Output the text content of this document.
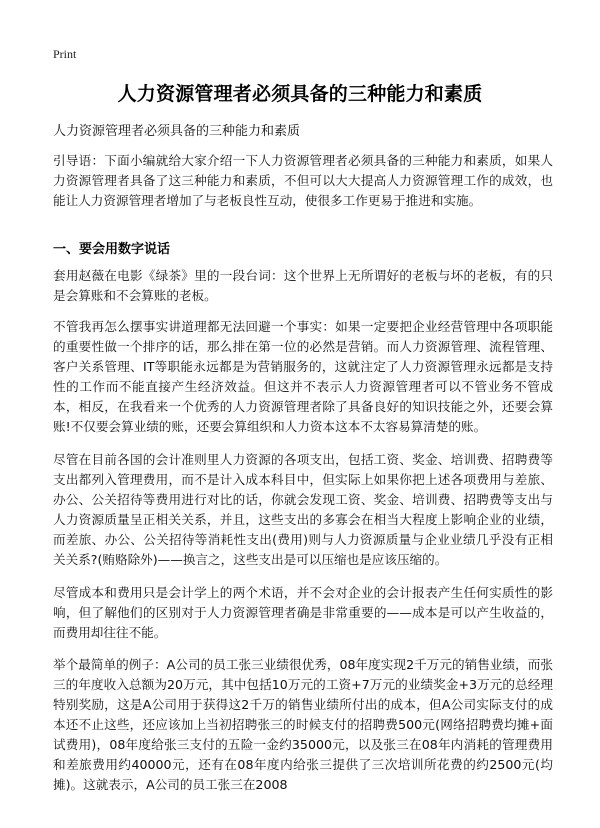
Print
人力资源管理者必须具备的三种能力和素质
人力资源管理者必须具备的三种能力和素质

引导语：下面小编就给大家介绍一下人力资源管理者必须具备的三种能力和素质，如果人力资源管理者具备了这三种能力和素质，不但可以大大提高人力资源管理工作的成效，也能让人力资源管理者增加了与老板良性互动，使很多工作更易于推进和实施。

一、要会用数字说话

套用赵薇在电影《绿茶》里的一段台词：这个世界上无所谓好的老板与坏的老板，有的只是会算账和不会算账的老板。

不管我再怎么摆事实讲道理都无法回避一个事实：如果一定要把企业经营管理中各项职能的重要性做一个排序的话，那么排在第一位的必然是营销。而人力资源管理、流程管理、客户关系管理、IT等职能永远都是为营销服务的，这就注定了人力资源管理永远都是支持性的工作而不能直接产生经济效益。但这并不表示人力资源管理者可以不管业务不管成本，相反，在我看来一个优秀的人力资源管理者除了具备良好的知识技能之外，还要会算账!不仅要会算业绩的账，还要会算组织和人力资本这本不太容易算清楚的账。

尽管在目前各国的会计准则里人力资源的各项支出，包括工资、奖金、培训费、招聘费等支出都列入管理费用，而不是计入成本科目中，但实际上如果你把上述各项费用与差旅、办公、公关招待等费用进行对比的话，你就会发现工资、奖金、培训费、招聘费等支出与人力资源质量呈正相关关系，并且，这些支出的多寡会在相当大程度上影响企业的业绩，而差旅、办公、公关招待等消耗性支出(费用)则与人力资源质量与企业业绩几乎没有正相关关系?(贿赂除外)——换言之，这些支出是可以压缩也是应该压缩的。

尽管成本和费用只是会计学上的两个术语，并不会对企业的会计报表产生任何实质性的影响，但了解他们的区别对于人力资源管理者确是非常重要的——成本是可以产生收益的，而费用却往往不能。

举个最简单的例子：A公司的员工张三业绩很优秀，08年度实现2千万元的销售业绩，而张三的年度收入总额为20万元，其中包括10万元的工资+7万元的业绩奖金+3万元的总经理特别奖励，这是A公司用于获得这2千万的销售业绩所付出的成本，但A公司实际支付的成本还不止这些，还应该加上当初招聘张三的时候支付的招聘费500元(网络招聘费均摊+面试费用)，08年度给张三支付的五险一金约35000元，以及张三在08年内消耗的管理费用和差旅费用约40000元，还有在08年度内给张三提供了三次培训所花费的约2500元(均摊)。这就表示，A公司的员工张三在2008
